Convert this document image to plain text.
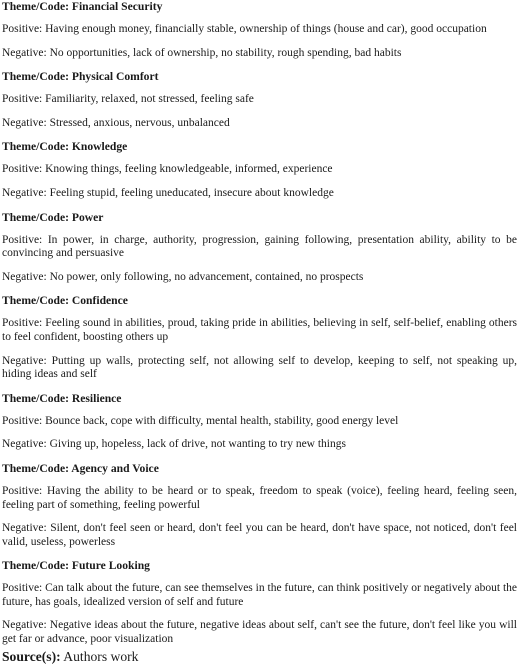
Theme/Code: Financial Security
Positive: Having enough money, financially stable, ownership of things (house and car), good occupation
Negative: No opportunities, lack of ownership, no stability, rough spending, bad habits
Theme/Code: Physical Comfort
Positive: Familiarity, relaxed, not stressed, feeling safe
Negative: Stressed, anxious, nervous, unbalanced
Theme/Code: Knowledge
Positive: Knowing things, feeling knowledgeable, informed, experience
Negative: Feeling stupid, feeling uneducated, insecure about knowledge
Theme/Code: Power
Positive: In power, in charge, authority, progression, gaining following, presentation ability, ability to be convincing and persuasive
Negative: No power, only following, no advancement, contained, no prospects
Theme/Code: Confidence
Positive: Feeling sound in abilities, proud, taking pride in abilities, believing in self, self-belief, enabling others to feel confident, boosting others up
Negative: Putting up walls, protecting self, not allowing self to develop, keeping to self, not speaking up, hiding ideas and self
Theme/Code: Resilience
Positive: Bounce back, cope with difficulty, mental health, stability, good energy level
Negative: Giving up, hopeless, lack of drive, not wanting to try new things
Theme/Code: Agency and Voice
Positive: Having the ability to be heard or to speak, freedom to speak (voice), feeling heard, feeling seen, feeling part of something, feeling powerful
Negative: Silent, don't feel seen or heard, don't feel you can be heard, don't have space, not noticed, don't feel valid, useless, powerless
Theme/Code: Future Looking
Positive: Can talk about the future, can see themselves in the future, can think positively or negatively about the future, has goals, idealized version of self and future
Negative: Negative ideas about the future, negative ideas about self, can't see the future, don't feel like you will get far or advance, poor visualization
Source(s): Authors work
